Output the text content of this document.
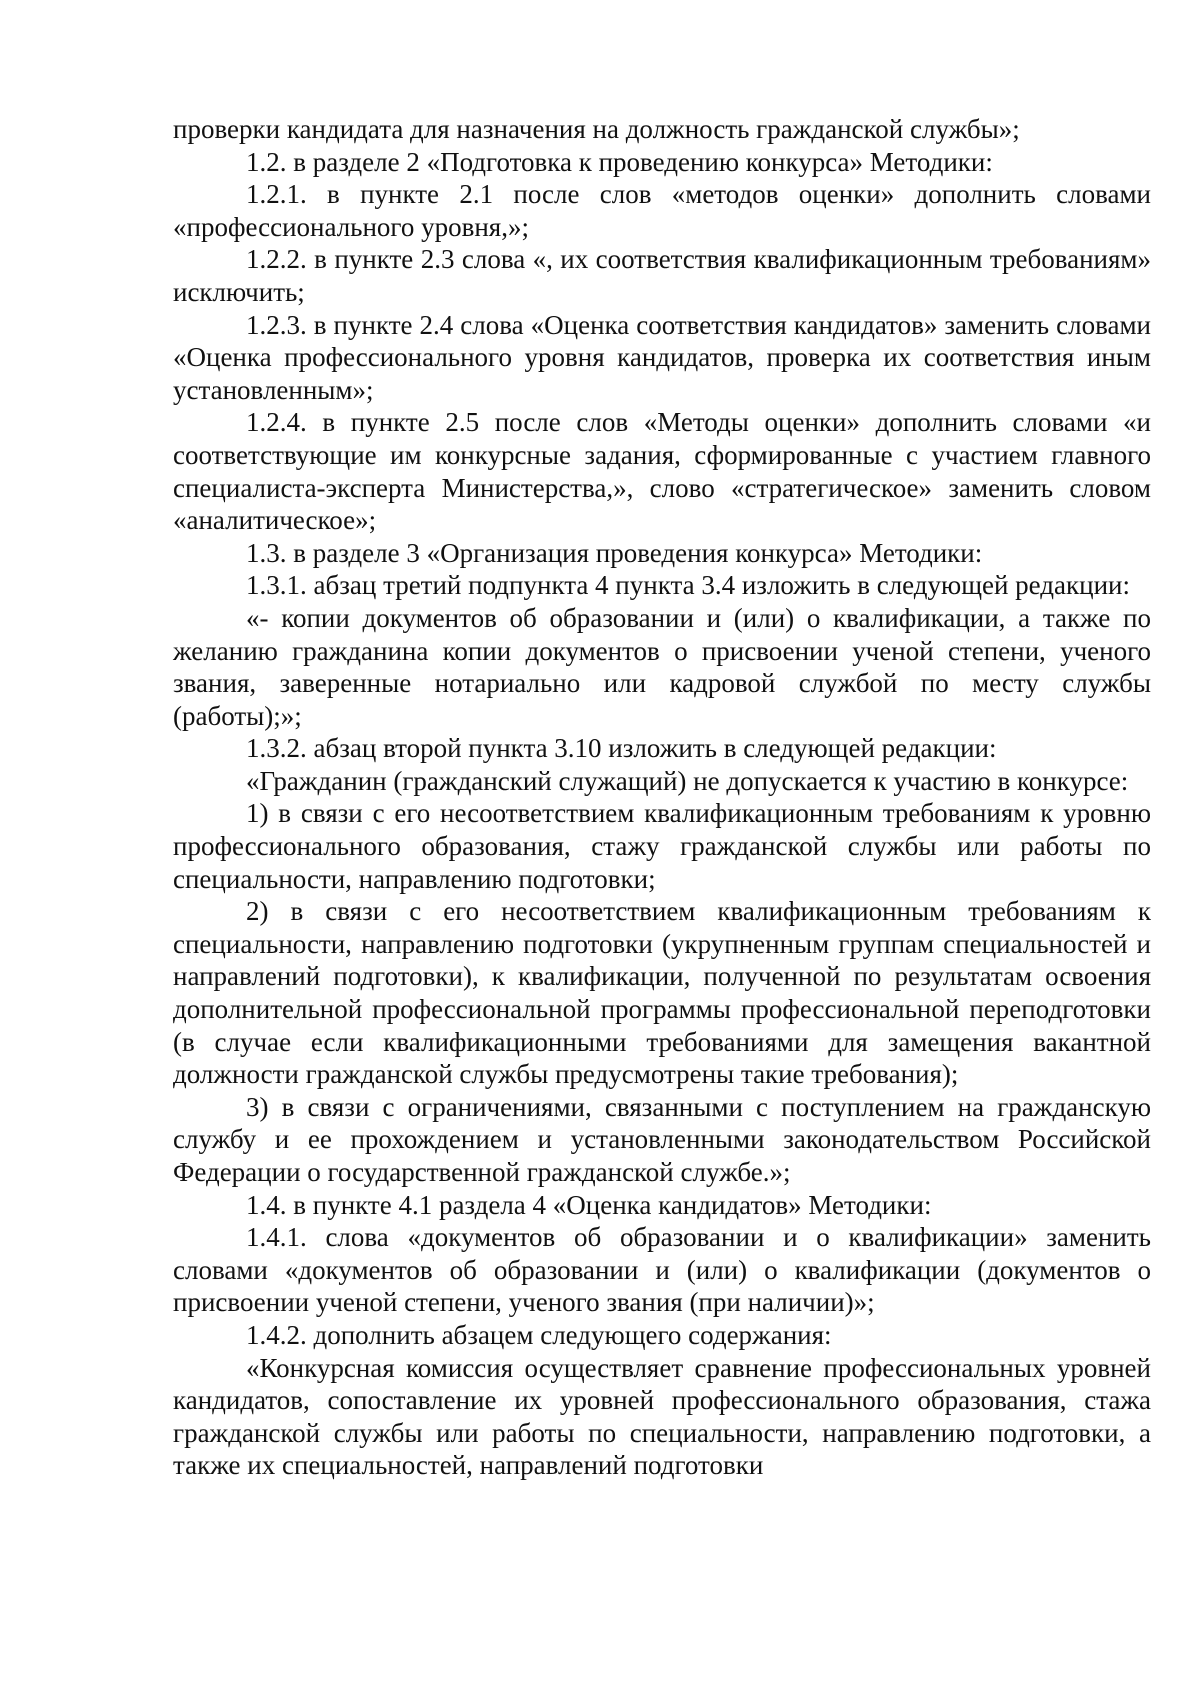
проверки кандидата для назначения на должность гражданской службы»;

1.2. в разделе 2 «Подготовка к проведению конкурса» Методики:

1.2.1. в пункте 2.1 после слов «методов оценки» дополнить словами «профессионального уровня,»;

1.2.2. в пункте 2.3 слова «, их соответствия квалификационным требованиям» исключить;

1.2.3. в пункте 2.4 слова «Оценка соответствия кандидатов» заменить словами «Оценка профессионального уровня кандидатов, проверка их соответствия иным установленным»;

1.2.4. в пункте 2.5 после слов «Методы оценки» дополнить словами «и соответствующие им конкурсные задания, сформированные с участием главного специалиста-эксперта Министерства,», слово «стратегическое» заменить словом «аналитическое»;

1.3. в разделе 3 «Организация проведения конкурса» Методики:

1.3.1. абзац третий подпункта 4 пункта 3.4 изложить в следующей редакции:

«- копии документов об образовании и (или) о квалификации, а также по желанию гражданина копии документов о присвоении ученой степени, ученого звания, заверенные нотариально или кадровой службой по месту службы (работы);»;

1.3.2. абзац второй пункта 3.10 изложить в следующей редакции:

«Гражданин (гражданский служащий) не допускается к участию в конкурсе:

1) в связи с его несоответствием квалификационным требованиям к уровню профессионального образования, стажу гражданской службы или работы по специальности, направлению подготовки;

2) в связи с его несоответствием квалификационным требованиям к специальности, направлению подготовки (укрупненным группам специальностей и направлений подготовки), к квалификации, полученной по результатам освоения дополнительной профессиональной программы профессиональной переподготовки (в случае если квалификационными требованиями для замещения вакантной должности гражданской службы предусмотрены такие требования);

3) в связи с ограничениями, связанными с поступлением на гражданскую службу и ее прохождением и установленными законодательством Российской Федерации о государственной гражданской службе.»;

1.4. в пункте 4.1 раздела 4 «Оценка кандидатов» Методики:

1.4.1. слова «документов об образовании и о квалификации» заменить словами «документов об образовании и (или) о квалификации (документов о присвоении ученой степени, ученого звания (при наличии)»;

1.4.2. дополнить абзацем следующего содержания:

«Конкурсная комиссия осуществляет сравнение профессиональных уровней кандидатов, сопоставление их уровней профессионального образования, стажа гражданской службы или работы по специальности, направлению подготовки, а также их специальностей, направлений подготовки
